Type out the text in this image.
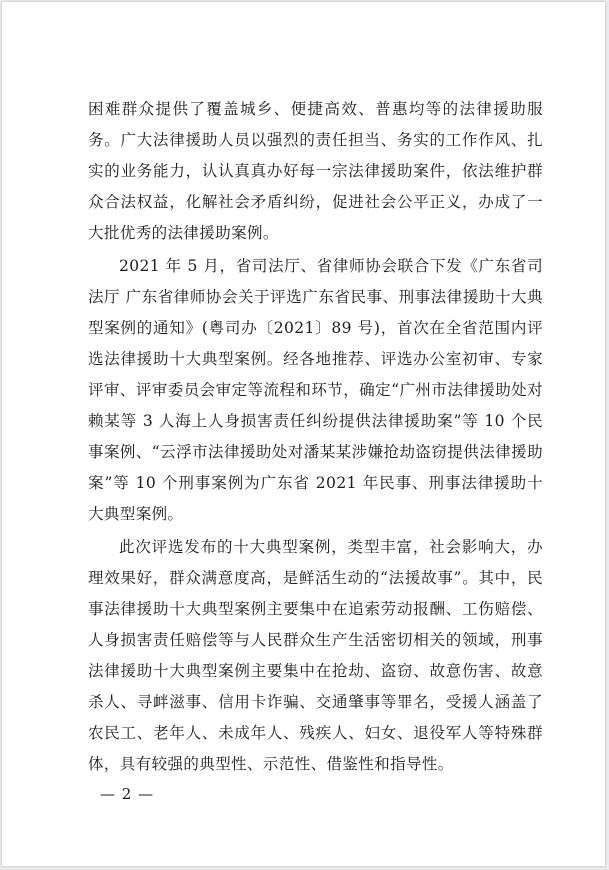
困难群众提供了覆盖城乡、便捷高效、普惠均等的法律援助服务。广大法律援助人员以强烈的责任担当、务实的工作作风、扎实的业务能力，认认真真办好每一宗法律援助案件，依法维护群众合法权益，化解社会矛盾纠纷，促进社会公平正义，办成了一大批优秀的法律援助案例。

2021 年 5 月，省司法厅、省律师协会联合下发《广东省司法厅 广东省律师协会关于评选广东省民事、刑事法律援助十大典型案例的通知》(粤司办〔2021〕89 号)，首次在全省范围内评选法律援助十大典型案例。经各地推荐、评选办公室初审、专家评审、评审委员会审定等流程和环节，确定“广州市法律援助处对赖某等 3 人海上人身损害责任纠纷提供法律援助案”等 10 个民事案例、“云浮市法律援助处对潘某某涉嫌抢劫盗窃提供法律援助案”等 10 个刑事案例为广东省 2021 年民事、刑事法律援助十大典型案例。

此次评选发布的十大典型案例，类型丰富，社会影响大，办理效果好，群众满意度高，是鲜活生动的“法援故事”。其中，民事法律援助十大典型案例主要集中在追索劳动报酬、工伤赔偿、人身损害责任赔偿等与人民群众生产生活密切相关的领域，刑事法律援助十大典型案例主要集中在抢劫、盗窃、故意伤害、故意杀人、寻衅滋事、信用卡诈骗、交通肇事等罪名，受援人涵盖了农民工、老年人、未成年人、残疾人、妇女、退役军人等特殊群体，具有较强的典型性、示范性、借鉴性和指导性。

— 2 —
